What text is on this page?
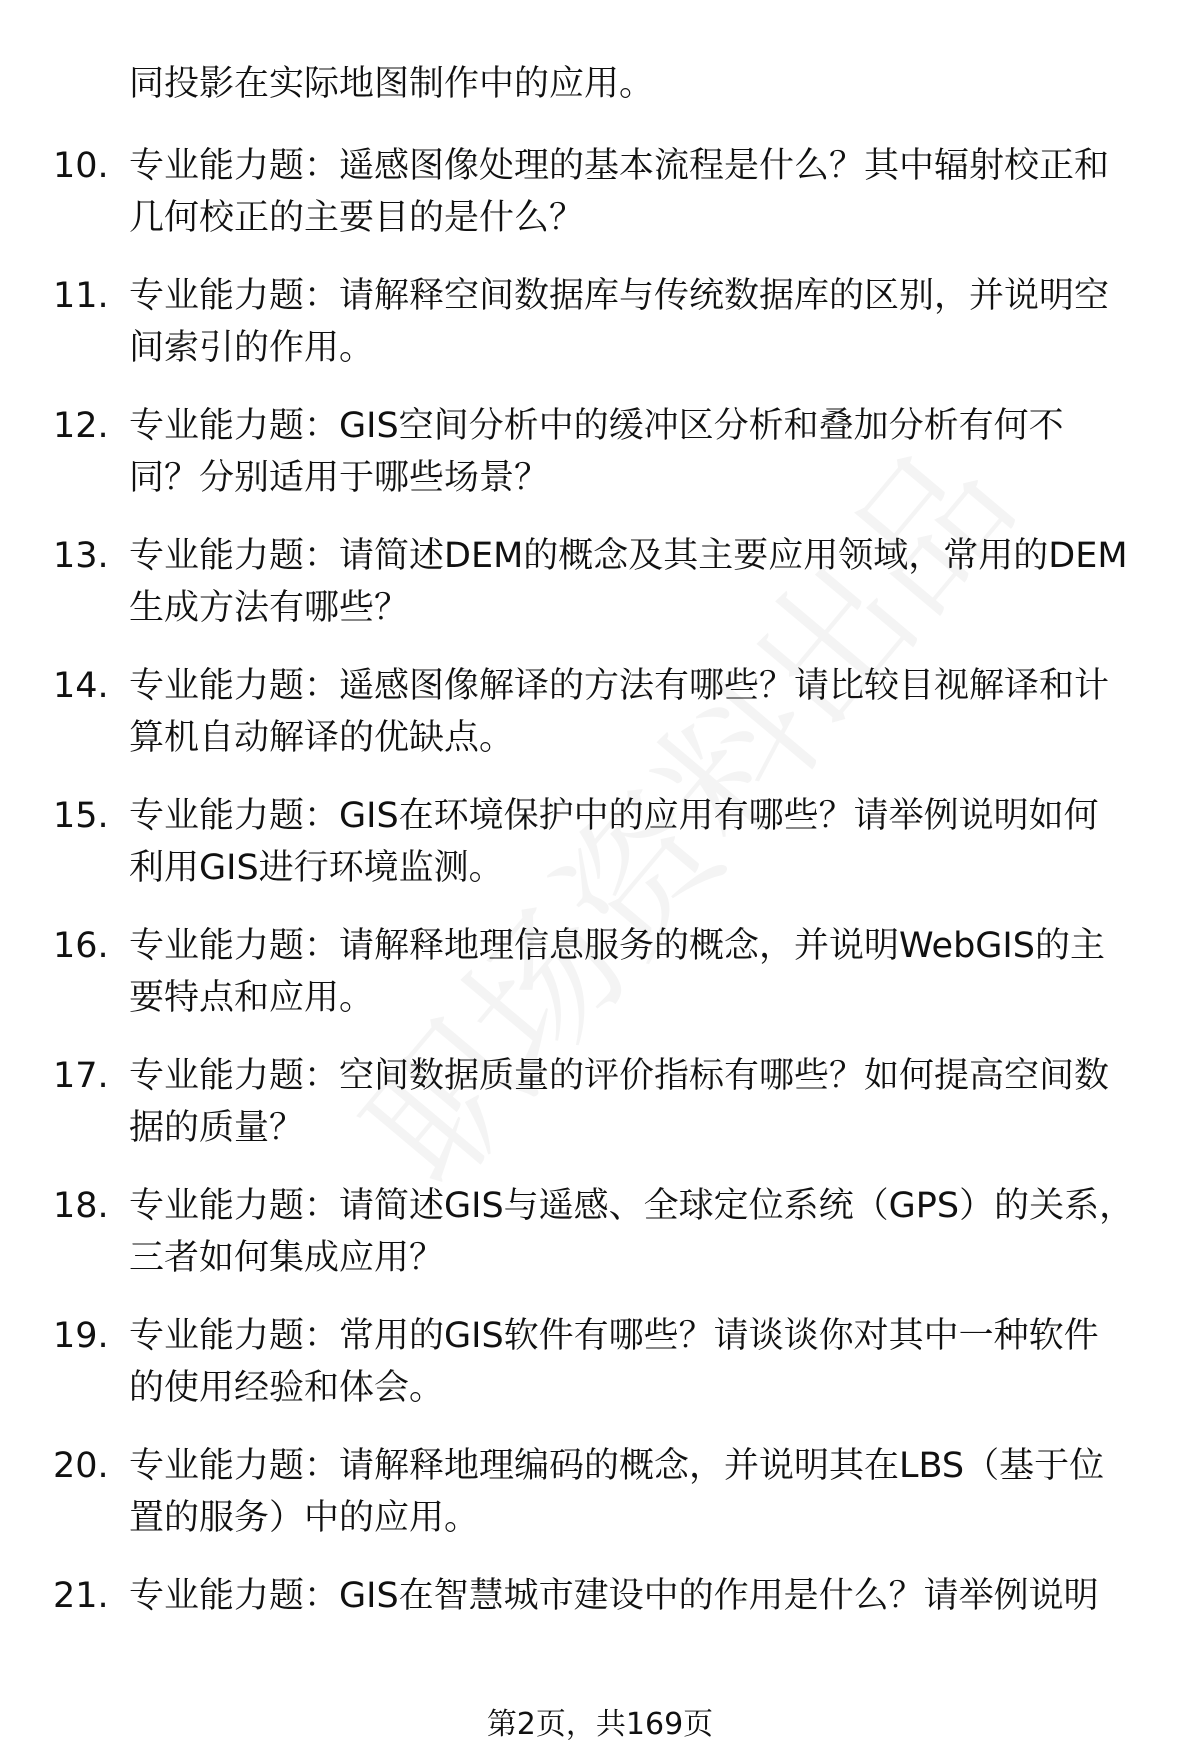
同投影在实际地图制作中的应用。
10. 专业能力题：遥感图像处理的基本流程是什么？其中辐射校正和
几何校正的主要目的是什么？
11. 专业能力题：请解释空间数据库与传统数据库的区别，并说明空
间索引的作用。
12. 专业能力题：GIS空间分析中的缓冲区分析和叠加分析有何不
同？分别适用于哪些场景？
13. 专业能力题：请简述DEM的概念及其主要应用领域，常用的DEM
生成方法有哪些？
14. 专业能力题：遥感图像解译的方法有哪些？请比较目视解译和计
算机自动解译的优缺点。
15. 专业能力题：GIS在环境保护中的应用有哪些？请举例说明如何
利用GIS进行环境监测。
16. 专业能力题：请解释地理信息服务的概念，并说明WebGIS的主
要特点和应用。
17. 专业能力题：空间数据质量的评价指标有哪些？如何提高空间数
据的质量？
18. 专业能力题：请简述GIS与遥感、全球定位系统（GPS）的关系，
三者如何集成应用？
19. 专业能力题：常用的GIS软件有哪些？请谈谈你对其中一种软件
的使用经验和体会。
20. 专业能力题：请解释地理编码的概念，并说明其在LBS（基于位
置的服务）中的应用。
21. 专业能力题：GIS在智慧城市建设中的作用是什么？请举例说明
第2页，共169页
